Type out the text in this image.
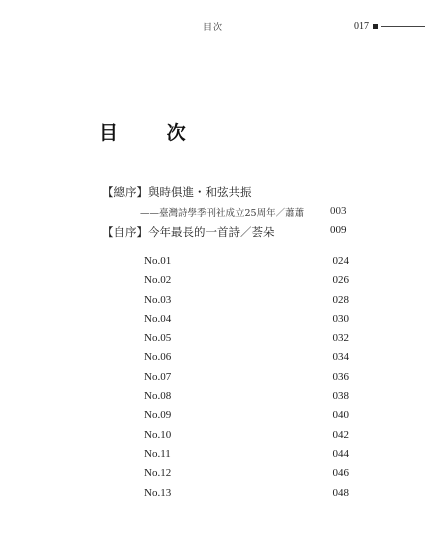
目次	017
目 次
【總序】與時俱進・和弦共振
——臺灣詩學季刊社成立25周年／蕭蕭 003
【自序】今年最長的一首詩／荟朵	009
No.01	024
No.02	026
No.03	028
No.04	030
No.05	032
No.06	034
No.07	036
No.08	038
No.09	040
No.10	042
No.11	044
No.12	046
No.13	048
